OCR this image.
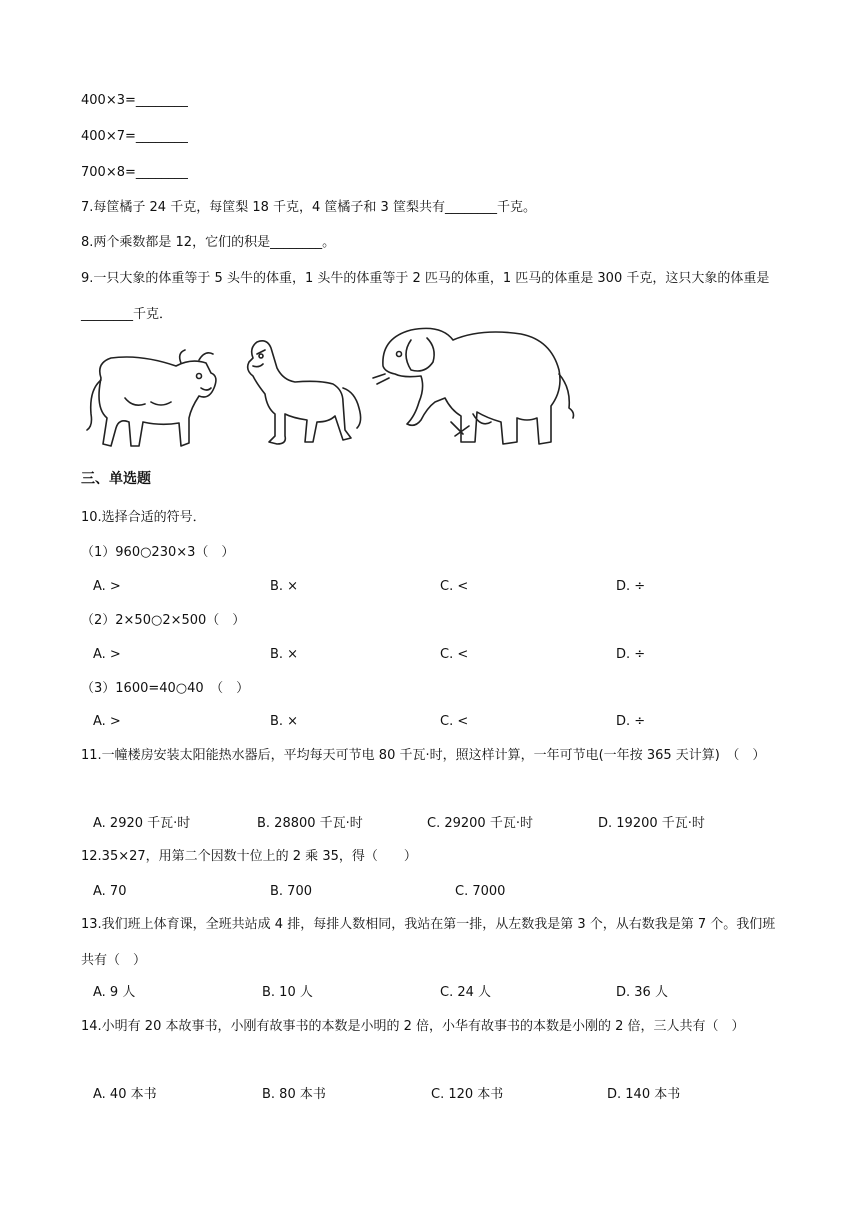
400×3=________
400×7=________
700×8=________
7.每筐橘子 24 千克，每筐梨 18 千克，4 筐橘子和 3 筐梨共有________千克。
8.两个乘数都是 12，它们的积是________。
9.一只大象的体重等于 5 头牛的体重，1 头牛的体重等于 2 匹马的体重，1 匹马的体重是 300 千克，这只大象的体重是________千克．
三、单选题
10.选择合适的符号．
（1）960○230×3（　）
A. >	B. ×	C. <	D. ÷
（2）2×50○2×500（　）
A. >	B. ×	C. <	D. ÷
（3）1600=40○40　（　）
A. >	B. ×	C. <	D. ÷
11.一幢楼房安装太阳能热水器后，平均每天可节电 80 千瓦·时，照这样计算，一年可节电(一年按 365 天计算)　（　）
A. 2920 千瓦·时	B. 28800 千瓦·时	C. 29200 千瓦·时	D. 19200 千瓦·时
12.35×27，用第二个因数十位上的 2 乘 35，得（　　）
A. 70	B. 700	C. 7000
13.我们班上体育课，全班共站成 4 排，每排人数相同，我站在第一排，从左数我是第 3 个，从右数我是第 7 个。我们班共有（　）
A. 9 人	B. 10 人	C. 24 人	D. 36 人
14.小明有 20 本故事书，小刚有故事书的本数是小明的 2 倍，小华有故事书的本数是小刚的 2 倍，三人共有（　）
A. 40 本书	B. 80 本书	C. 120 本书	D. 140 本书
